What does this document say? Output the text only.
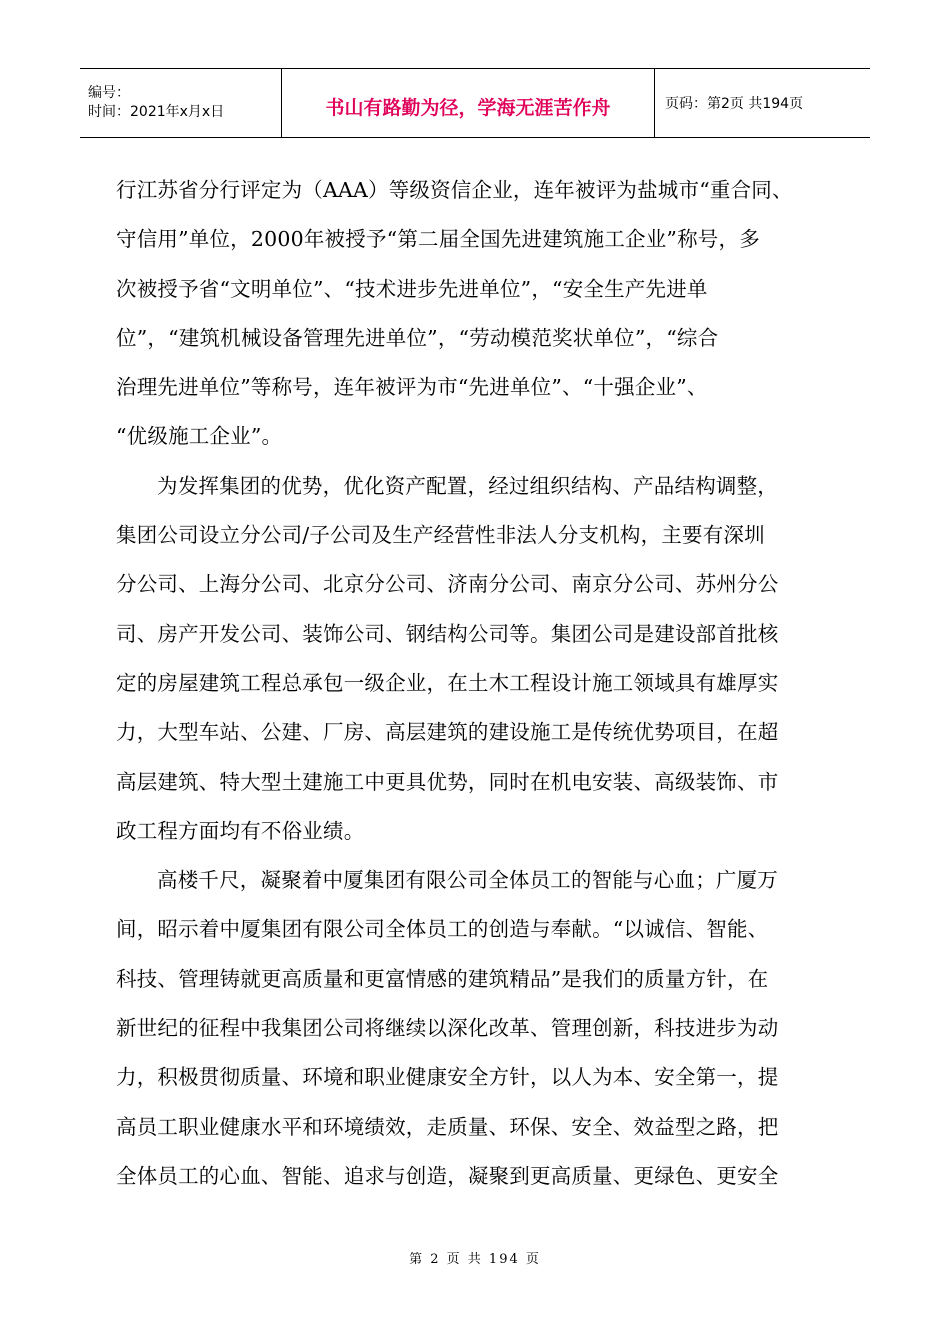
编号：
时间：2021年x月x日	书山有路勤为径，学海无涯苦作舟	页码：第2页 共194页

行江苏省分行评定为（AAA）等级资信企业，连年被评为盐城市“重合同、

守信用”单位，2000年被授予“第二届全国先进建筑施工企业”称号，多

次被授予省“文明单位”、“技术进步先进单位”，“安全生产先进单

位”，“建筑机械设备管理先进单位”，“劳动模范奖状单位”，“综合

治理先进单位”等称号，连年被评为市“先进单位”、“十强企业”、

“优级施工企业”。

为发挥集团的优势，优化资产配置，经过组织结构、产品结构调整，

集团公司设立分公司/子公司及生产经营性非法人分支机构，主要有深圳

分公司、上海分公司、北京分公司、济南分公司、南京分公司、苏州分公

司、房产开发公司、装饰公司、钢结构公司等。集团公司是建设部首批核

定的房屋建筑工程总承包一级企业，在土木工程设计施工领域具有雄厚实

力，大型车站、公建、厂房、高层建筑的建设施工是传统优势项目，在超

高层建筑、特大型土建施工中更具优势，同时在机电安装、高级装饰、市

政工程方面均有不俗业绩。

高楼千尺，凝聚着中厦集团有限公司全体员工的智能与心血；广厦万

间，昭示着中厦集团有限公司全体员工的创造与奉献。“以诚信、智能、

科技、管理铸就更高质量和更富情感的建筑精品”是我们的质量方针，在

新世纪的征程中我集团公司将继续以深化改革、管理创新，科技进步为动

力，积极贯彻质量、环境和职业健康安全方针，以人为本、安全第一，提

高员工职业健康水平和环境绩效，走质量、环保、安全、效益型之路，把

全体员工的心血、智能、追求与创造，凝聚到更高质量、更绿色、更安全

第 2 页 共 194 页
